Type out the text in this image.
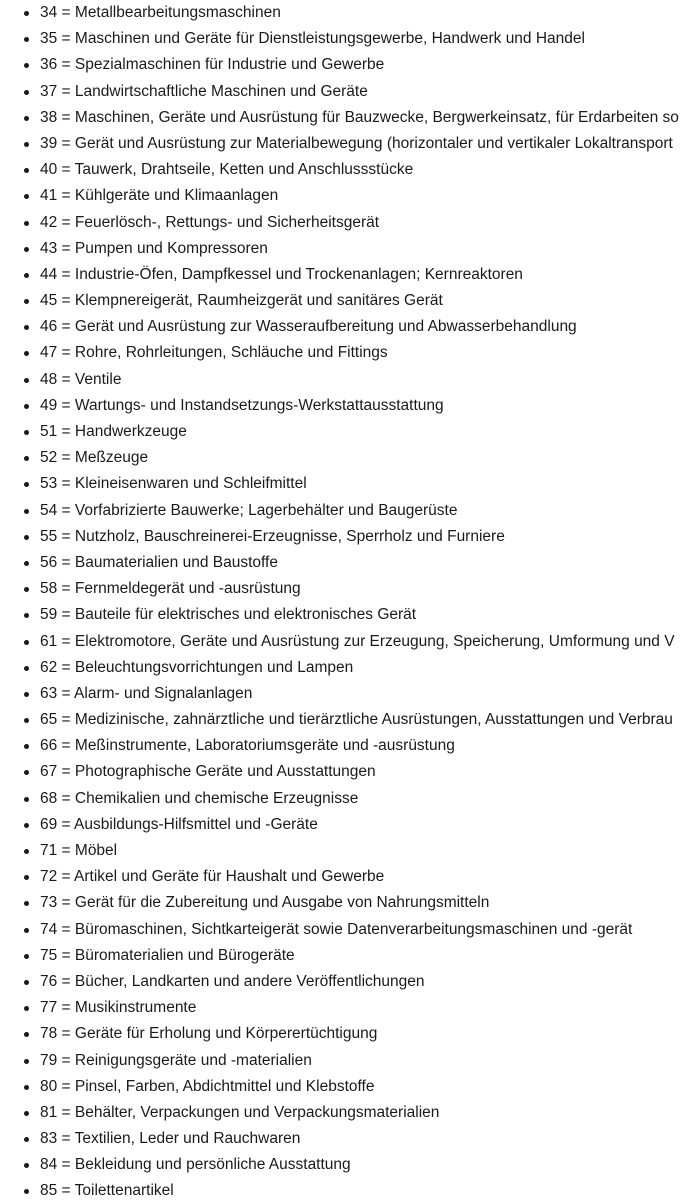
34 = Metallbearbeitungsmaschinen
35 = Maschinen und Geräte für Dienstleistungsgewerbe, Handwerk und Handel
36 = Spezialmaschinen für Industrie und Gewerbe
37 = Landwirtschaftliche Maschinen und Geräte
38 = Maschinen, Geräte und Ausrüstung für Bauzwecke, Bergwerkeinsatz, für Erdarbeiten so
39 = Gerät und Ausrüstung zur Materialbewegung (horizontaler und vertikaler Lokaltransport
40 = Tauwerk, Drahtseile, Ketten und Anschlussstücke
41 = Kühlgeräte und Klimaanlagen
42 = Feuerlösch-, Rettungs- und Sicherheitsgerät
43 = Pumpen und Kompressoren
44 = Industrie-Öfen, Dampfkessel und Trockenanlagen; Kernreaktoren
45 = Klempnereigerät, Raumheizgerät und sanitäres Gerät
46 = Gerät und Ausrüstung zur Wasseraufbereitung und Abwasserbehandlung
47 = Rohre, Rohrleitungen, Schläuche und Fittings
48 = Ventile
49 = Wartungs- und Instandsetzungs-Werkstattausstattung
51 = Handwerkzeuge
52 = Meßzeuge
53 = Kleineisenwaren und Schleifmittel
54 = Vorfabrizierte Bauwerke; Lagerbehälter und Baugerüste
55 = Nutzholz, Bauschreinerei-Erzeugnisse, Sperrholz und Furniere
56 = Baumaterialien und Baustoffe
58 = Fernmeldegerät und -ausrüstung
59 = Bauteile für elektrisches und elektronisches Gerät
61 = Elektromotore, Geräte und Ausrüstung zur Erzeugung, Speicherung, Umformung und V
62 = Beleuchtungsvorrichtungen und Lampen
63 = Alarm- und Signalanlagen
65 = Medizinische, zahnärztliche und tierärztliche Ausrüstungen, Ausstattungen und Verbrau
66 = Meßinstrumente, Laboratoriumsgeräte und -ausrüstung
67 = Photographische Geräte und Ausstattungen
68 = Chemikalien und chemische Erzeugnisse
69 = Ausbildungs-Hilfsmittel und -Geräte
71 = Möbel
72 = Artikel und Geräte für Haushalt und Gewerbe
73 = Gerät für die Zubereitung und Ausgabe von Nahrungsmitteln
74 = Büromaschinen, Sichtkarteigerät sowie Datenverarbeitungsmaschinen und -gerät
75 = Büromaterialien und Bürogeräte
76 = Bücher, Landkarten und andere Veröffentlichungen
77 = Musikinstrumente
78 = Geräte für Erholung und Körperertüchtigung
79 = Reinigungsgeräte und -materialien
80 = Pinsel, Farben, Abdichtmittel und Klebstoffe
81 = Behälter, Verpackungen und Verpackungsmaterialien
83 = Textilien, Leder und Rauchwaren
84 = Bekleidung und persönliche Ausstattung
85 = Toilettenartikel
